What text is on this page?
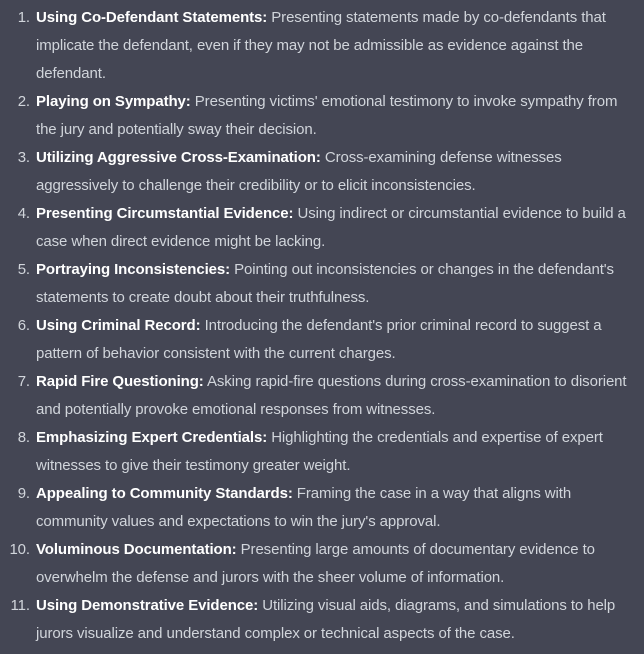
1. Using Co-Defendant Statements: Presenting statements made by co-defendants that implicate the defendant, even if they may not be admissible as evidence against the defendant.
2. Playing on Sympathy: Presenting victims' emotional testimony to invoke sympathy from the jury and potentially sway their decision.
3. Utilizing Aggressive Cross-Examination: Cross-examining defense witnesses aggressively to challenge their credibility or to elicit inconsistencies.
4. Presenting Circumstantial Evidence: Using indirect or circumstantial evidence to build a case when direct evidence might be lacking.
5. Portraying Inconsistencies: Pointing out inconsistencies or changes in the defendant's statements to create doubt about their truthfulness.
6. Using Criminal Record: Introducing the defendant's prior criminal record to suggest a pattern of behavior consistent with the current charges.
7. Rapid Fire Questioning: Asking rapid-fire questions during cross-examination to disorient and potentially provoke emotional responses from witnesses.
8. Emphasizing Expert Credentials: Highlighting the credentials and expertise of expert witnesses to give their testimony greater weight.
9. Appealing to Community Standards: Framing the case in a way that aligns with community values and expectations to win the jury's approval.
10. Voluminous Documentation: Presenting large amounts of documentary evidence to overwhelm the defense and jurors with the sheer volume of information.
11. Using Demonstrative Evidence: Utilizing visual aids, diagrams, and simulations to help jurors visualize and understand complex or technical aspects of the case.
